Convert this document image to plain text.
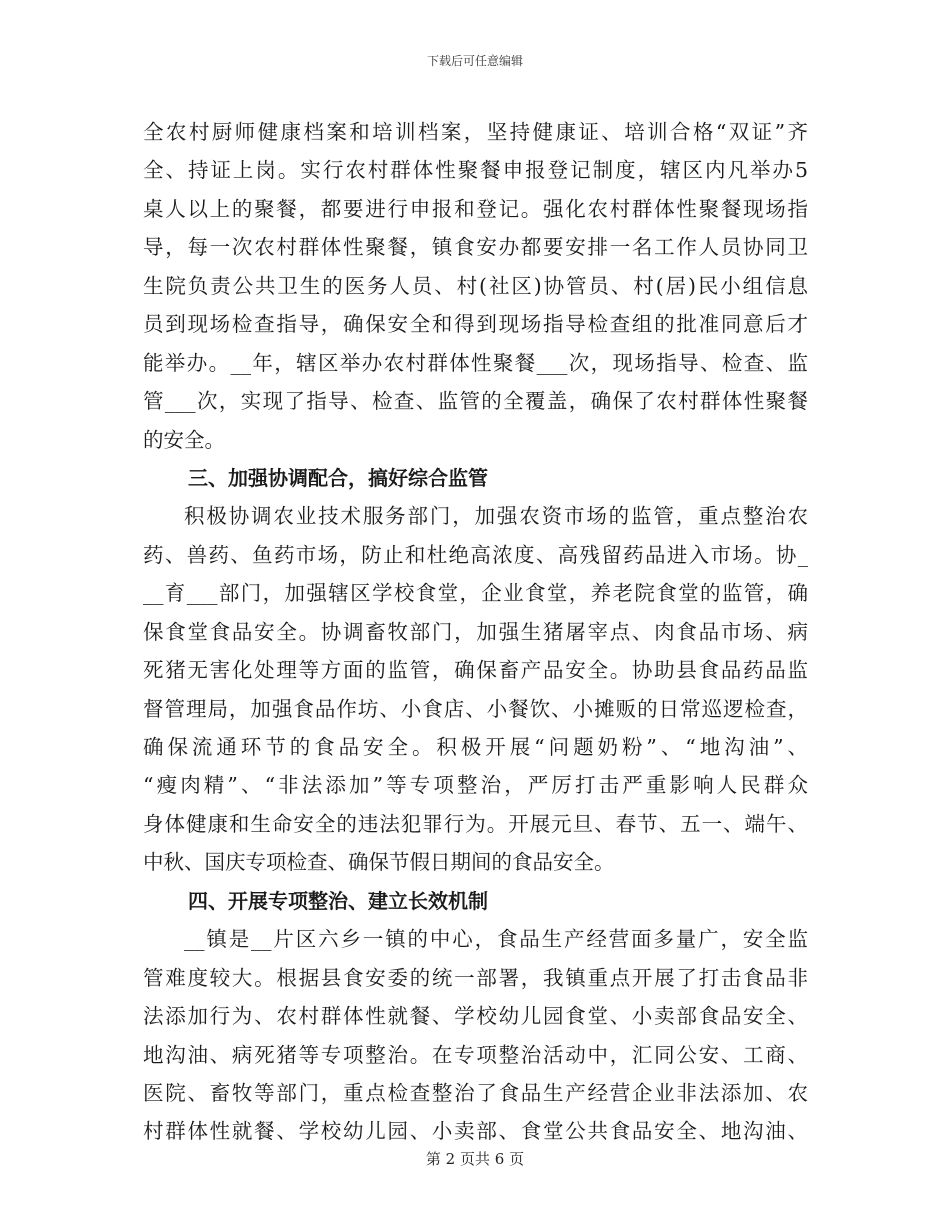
下载后可任意编辑
全农村厨师健康档案和培训档案，坚持健康证、培训合格“双证”齐
全、持证上岗。实行农村群体性聚餐申报登记制度，辖区内凡举办5
桌人以上的聚餐，都要进行申报和登记。强化农村群体性聚餐现场指
导，每一次农村群体性聚餐，镇食安办都要安排一名工作人员协同卫
生院负责公共卫生的医务人员、村(社区)协管员、村(居)民小组信息
员到现场检查指导，确保安全和得到现场指导检查组的批准同意后才
能举办。__年，辖区举办农村群体性聚餐___次，现场指导、检查、监
管___次，实现了指导、检查、监管的全覆盖，确保了农村群体性聚餐
的安全。
三、加强协调配合，搞好综合监管
积极协调农业技术服务部门，加强农资市场的监管，重点整治农
药、兽药、鱼药市场，防止和杜绝高浓度、高残留药品进入市场。协_
__育___部门，加强辖区学校食堂，企业食堂，养老院食堂的监管，确
保食堂食品安全。协调畜牧部门，加强生猪屠宰点、肉食品市场、病
死猪无害化处理等方面的监管，确保畜产品安全。协助县食品药品监
督管理局，加强食品作坊、小食店、小餐饮、小摊贩的日常巡逻检查，
确保流通环节的食品安全。积极开展“问题奶粉”、“地沟油”、
“瘦肉精”、“非法添加”等专项整治，严厉打击严重影响人民群众
身体健康和生命安全的违法犯罪行为。开展元旦、春节、五一、端午、
中秋、国庆专项检查、确保节假日期间的食品安全。
四、开展专项整治、建立长效机制
__镇是__片区六乡一镇的中心，食品生产经营面多量广，安全监
管难度较大。根据县食安委的统一部署，我镇重点开展了打击食品非
法添加行为、农村群体性就餐、学校幼儿园食堂、小卖部食品安全、
地沟油、病死猪等专项整治。在专项整治活动中，汇同公安、工商、
医院、畜牧等部门，重点检查整治了食品生产经营企业非法添加、农
村群体性就餐、学校幼儿园、小卖部、食堂公共食品安全、地沟油、
第 2 页共 6 页
